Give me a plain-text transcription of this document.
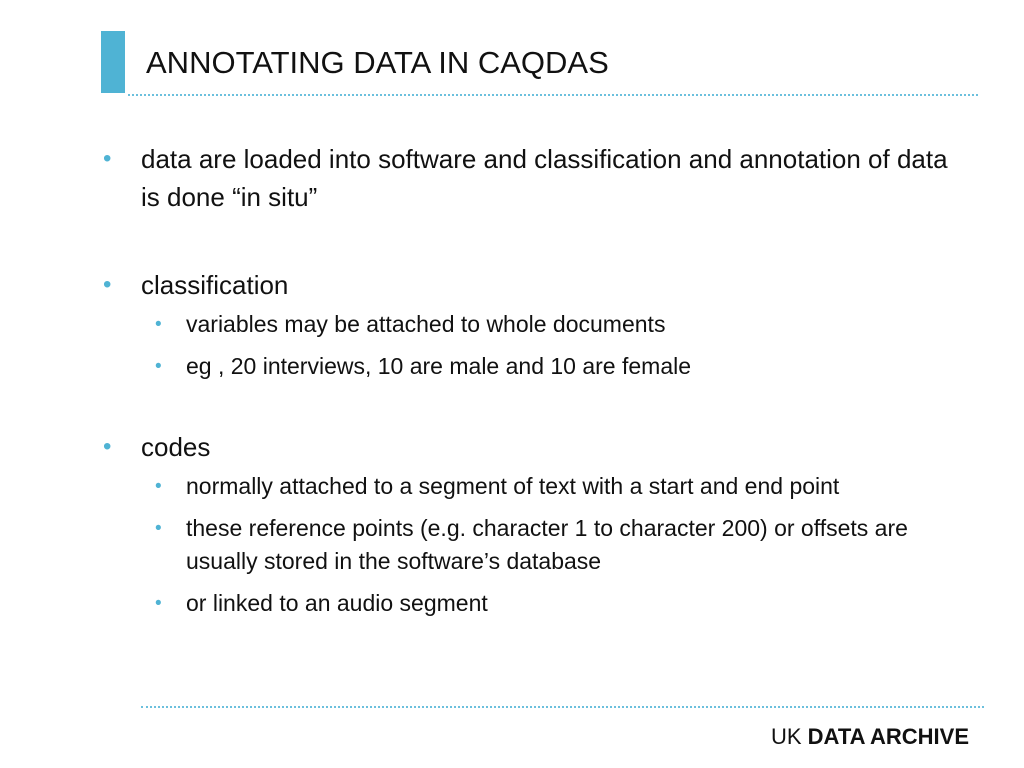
ANNOTATING DATA IN CAQDAS
• data are loaded into software and classification and annotation of data is done “in situ”
• classification
• variables may be attached to whole documents
• eg , 20 interviews, 10 are male and 10 are female
• codes
• normally attached to a segment of text with a start and end point
• these reference points (e.g. character 1 to character 200) or offsets are usually stored in the software’s database
• or linked to an audio segment
UK DATA ARCHIVE
